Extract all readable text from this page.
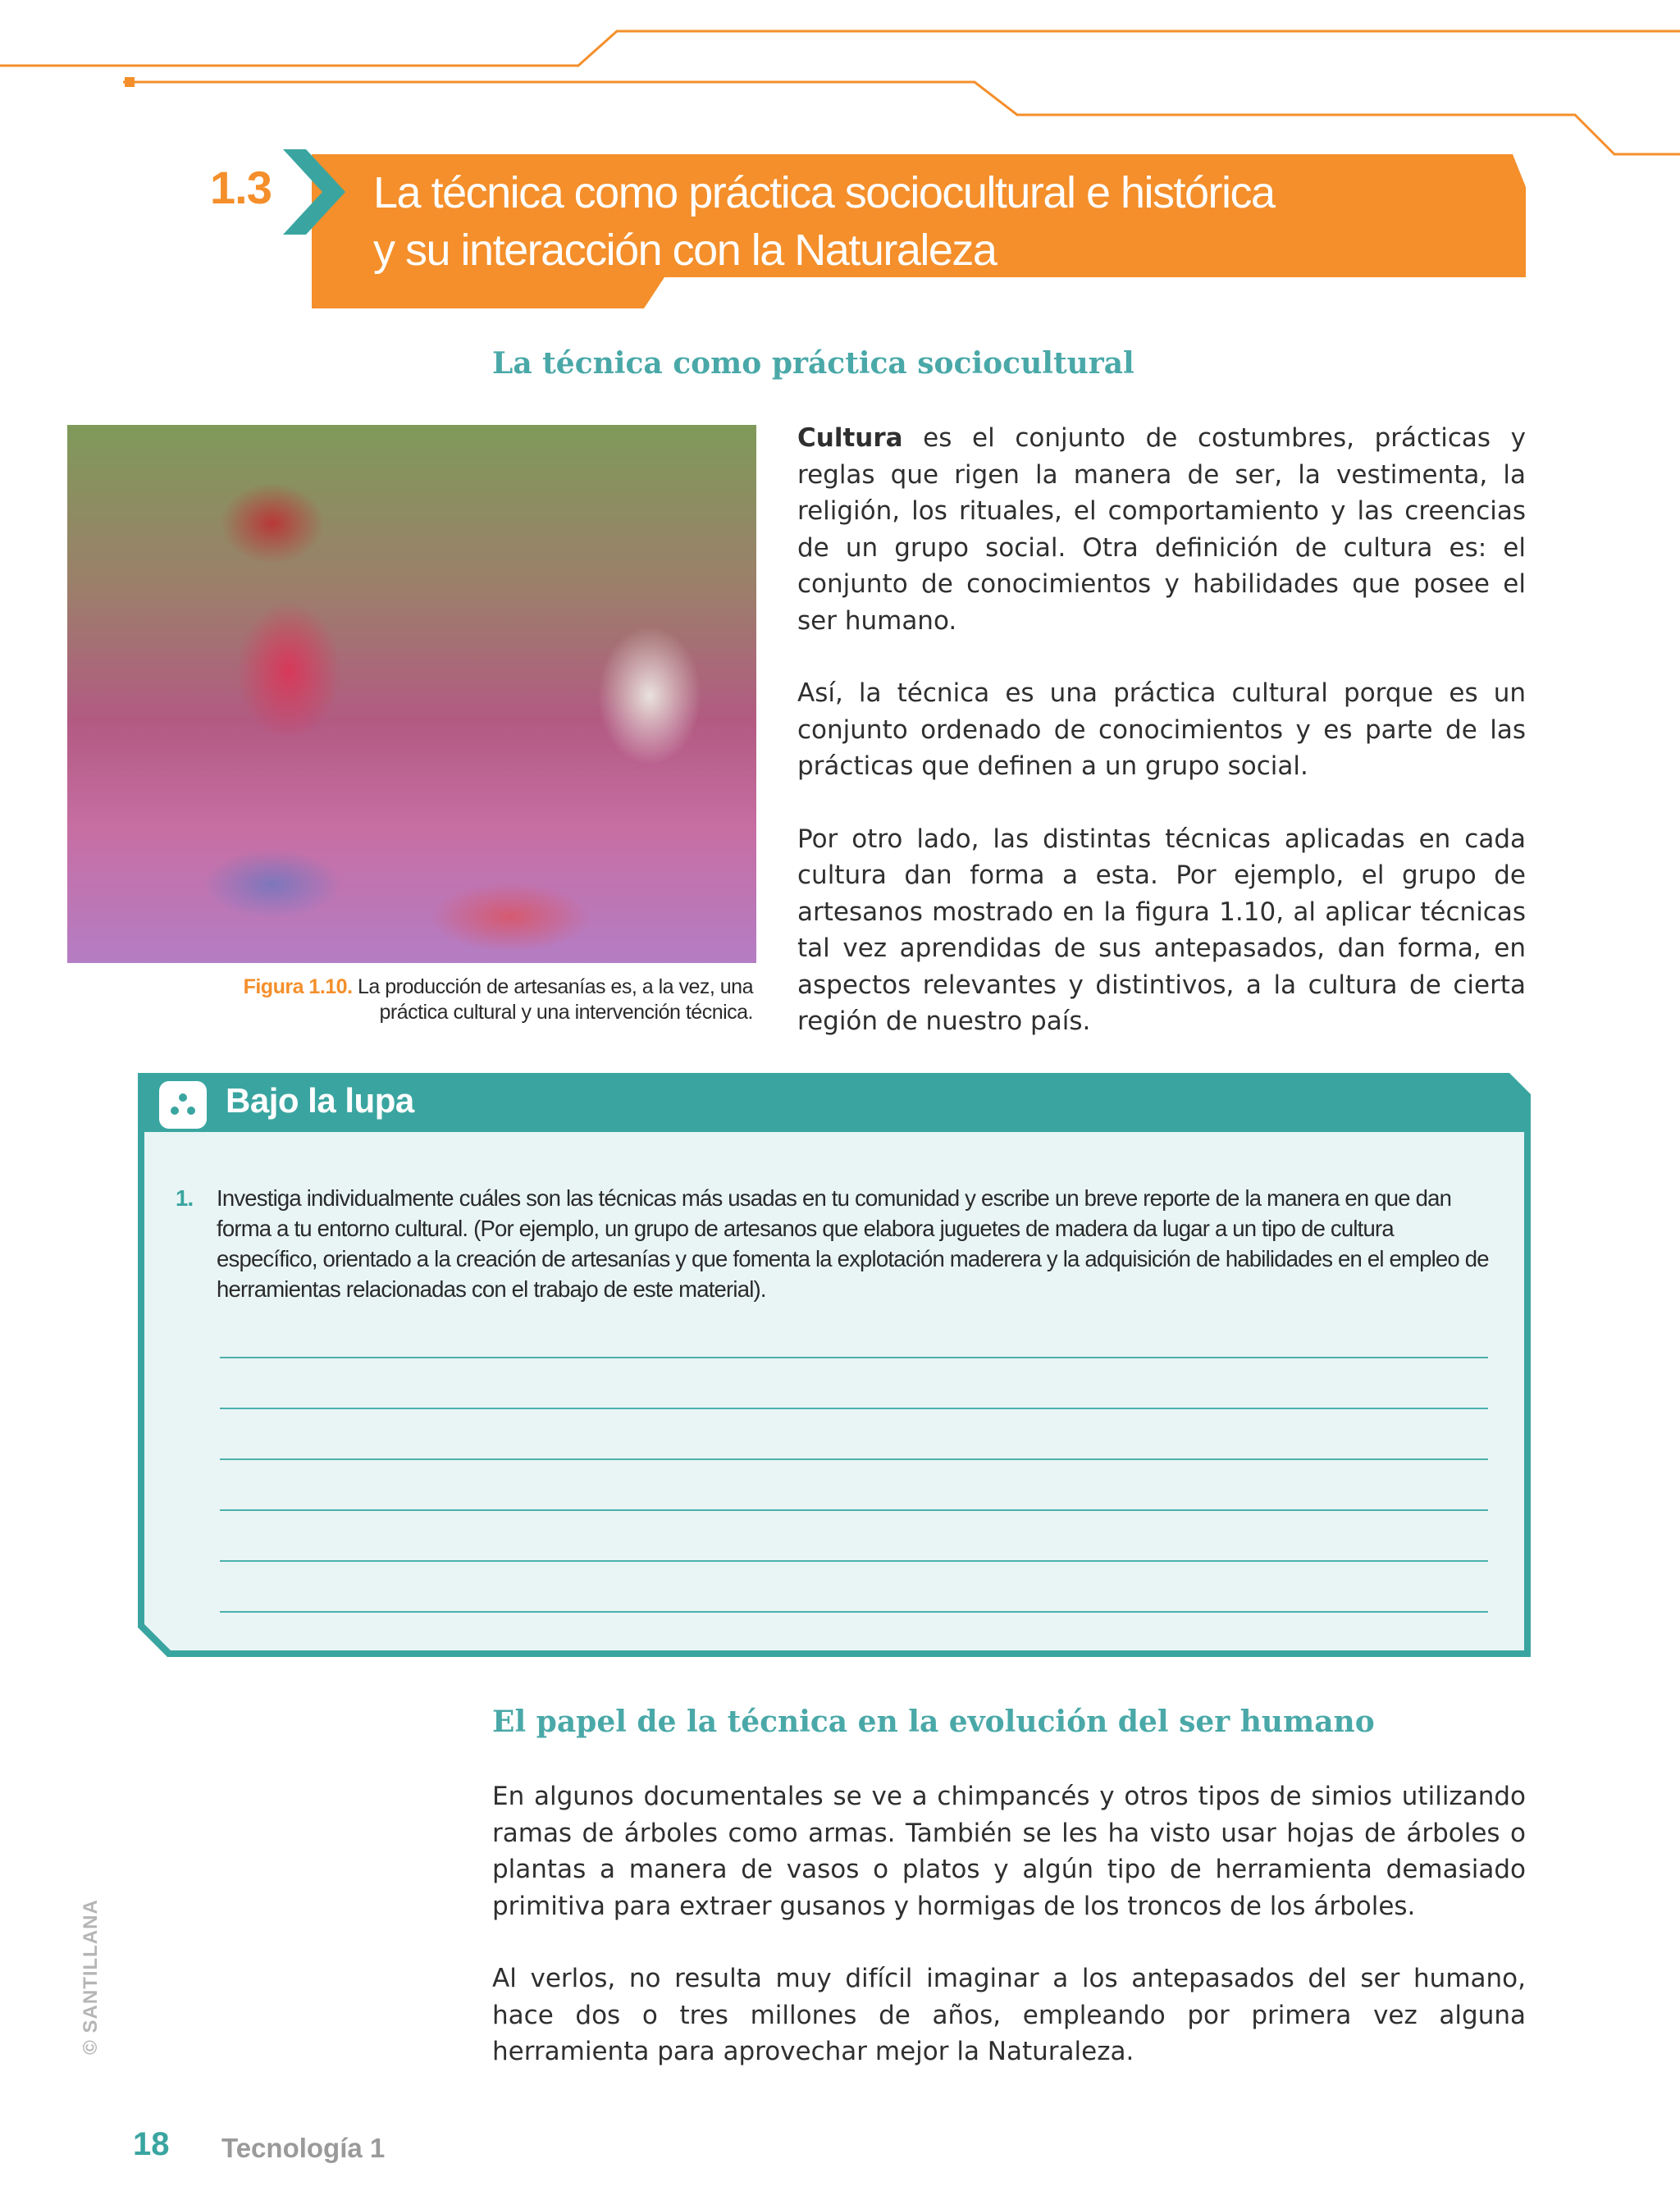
1.3 La técnica como práctica sociocultural e histórica
y su interacción con la Naturaleza
La técnica como práctica sociocultural
Figura 1.10. La producción de artesanías es, a la vez, una
práctica cultural y una intervención técnica.

Cultura es el conjunto de costumbres, prácticas y reglas que rigen la manera de ser, la vestimenta, la religión, los rituales, el comportamiento y las creencias de un grupo social. Otra definición de cultura es: el conjunto de conocimientos y habilidades que posee el ser humano.

Así, la técnica es una práctica cultural porque es un conjunto ordenado de conocimientos y es parte de las prácticas que definen a un grupo social.

Por otro lado, las distintas técnicas aplicadas en cada cultura dan forma a esta. Por ejemplo, el grupo de artesanos mostrado en la figura 1.10, al aplicar técnicas tal vez aprendidas de sus antepasados, dan forma, en aspectos relevantes y distintivos, a la cultura de cierta región de nuestro país.

Bajo la lupa
1. Investiga individualmente cuáles son las técnicas más usadas en tu comunidad y escribe un breve reporte de la manera en que dan forma a tu entorno cultural. (Por ejemplo, un grupo de artesanos que elabora juguetes de madera da lugar a un tipo de cultura específico, orientado a la creación de artesanías y que fomenta la explotación maderera y la adquisición de habilidades en el empleo de herramientas relacionadas con el trabajo de este material).
El papel de la técnica en la evolución del ser humano

En algunos documentales se ve a chimpancés y otros tipos de simios utilizando ramas de árboles como armas. También se les ha visto usar hojas de árboles o plantas a manera de vasos o platos y algún tipo de herramienta demasiado primitiva para extraer gusanos y hormigas de los troncos de los árboles.

Al verlos, no resulta muy difícil imaginar a los antepasados del ser humano, hace dos o tres millones de años, empleando por primera vez alguna herramienta para aprovechar mejor la Naturaleza.

© SANTILLANA
18 Tecnología 1
